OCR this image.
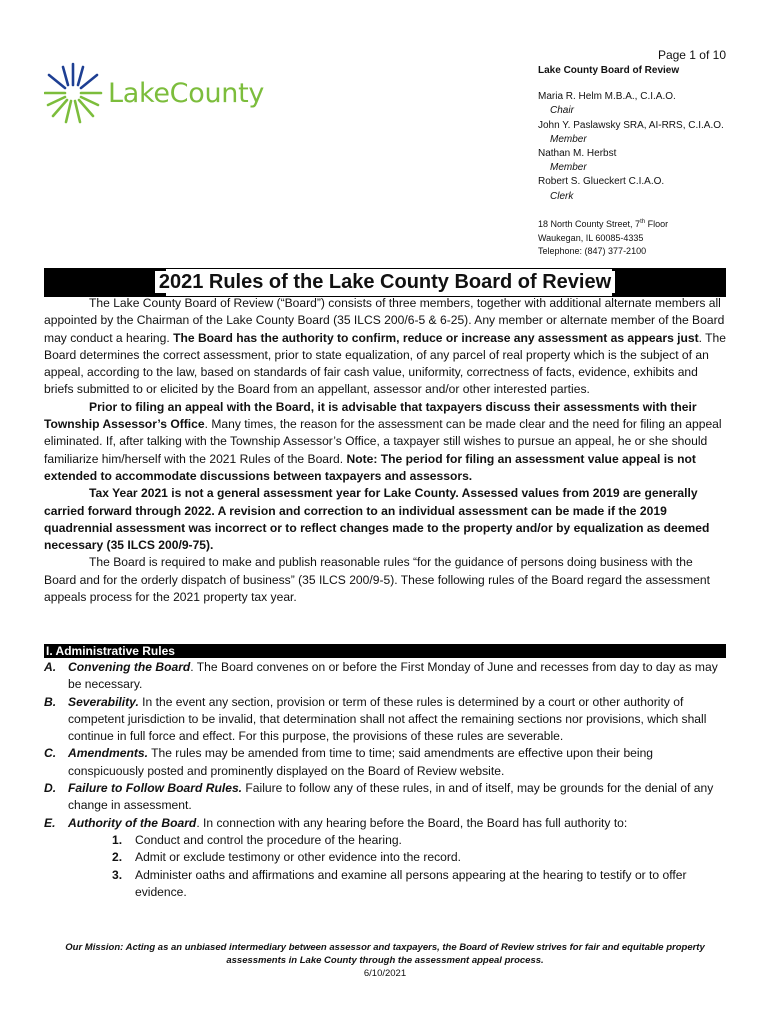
LakeCounty
Page 1 of 10
Lake County Board of Review
Maria R. Helm M.B.A., C.I.A.O.
Chair
John Y. Paslawsky SRA, AI-RRS, C.I.A.O.
Member
Nathan M. Herbst
Member
Robert S. Glueckert C.I.A.O.
Clerk
18 North County Street, 7th Floor
Waukegan, IL 60085-4335
Telephone: (847) 377-2100
2021 Rules of the Lake County Board of Review

The Lake County Board of Review (“Board”) consists of three members, together with additional alternate members all appointed by the Chairman of the Lake County Board (35 ILCS 200/6-5 & 6-25). Any member or alternate member of the Board may conduct a hearing. The Board has the authority to confirm, reduce or increase any assessment as appears just. The Board determines the correct assessment, prior to state equalization, of any parcel of real property which is the subject of an appeal, according to the law, based on standards of fair cash value, uniformity, correctness of facts, evidence, exhibits and briefs submitted to or elicited by the Board from an appellant, assessor and/or other interested parties.

Prior to filing an appeal with the Board, it is advisable that taxpayers discuss their assessments with their Township Assessor’s Office. Many times, the reason for the assessment can be made clear and the need for filing an appeal eliminated. If, after talking with the Township Assessor’s Office, a taxpayer still wishes to pursue an appeal, he or she should familiarize him/herself with the 2021 Rules of the Board. Note: The period for filing an assessment value appeal is not extended to accommodate discussions between taxpayers and assessors.

Tax Year 2021 is not a general assessment year for Lake County. Assessed values from 2019 are generally carried forward through 2022. A revision and correction to an individual assessment can be made if the 2019 quadrennial assessment was incorrect or to reflect changes made to the property and/or by equalization as deemed necessary (35 ILCS 200/9-75).

The Board is required to make and publish reasonable rules “for the guidance of persons doing business with the Board and for the orderly dispatch of business” (35 ILCS 200/9-5). These following rules of the Board regard the assessment appeals process for the 2021 property tax year.

I. Administrative Rules
A. Convening the Board. The Board convenes on or before the First Monday of June and recesses from day to day as may be necessary.
B. Severability. In the event any section, provision or term of these rules is determined by a court or other authority of competent jurisdiction to be invalid, that determination shall not affect the remaining sections nor provisions, which shall continue in full force and effect. For this purpose, the provisions of these rules are severable.
C. Amendments. The rules may be amended from time to time; said amendments are effective upon their being conspicuously posted and prominently displayed on the Board of Review website.
D. Failure to Follow Board Rules. Failure to follow any of these rules, in and of itself, may be grounds for the denial of any change in assessment.
E. Authority of the Board. In connection with any hearing before the Board, the Board has full authority to:
1. Conduct and control the procedure of the hearing.
2. Admit or exclude testimony or other evidence into the record.
3. Administer oaths and affirmations and examine all persons appearing at the hearing to testify or to offer evidence.
Our Mission: Acting as an unbiased intermediary between assessor and taxpayers, the Board of Review strives for fair and equitable property assessments in Lake County through the assessment appeal process.
6/10/2021
